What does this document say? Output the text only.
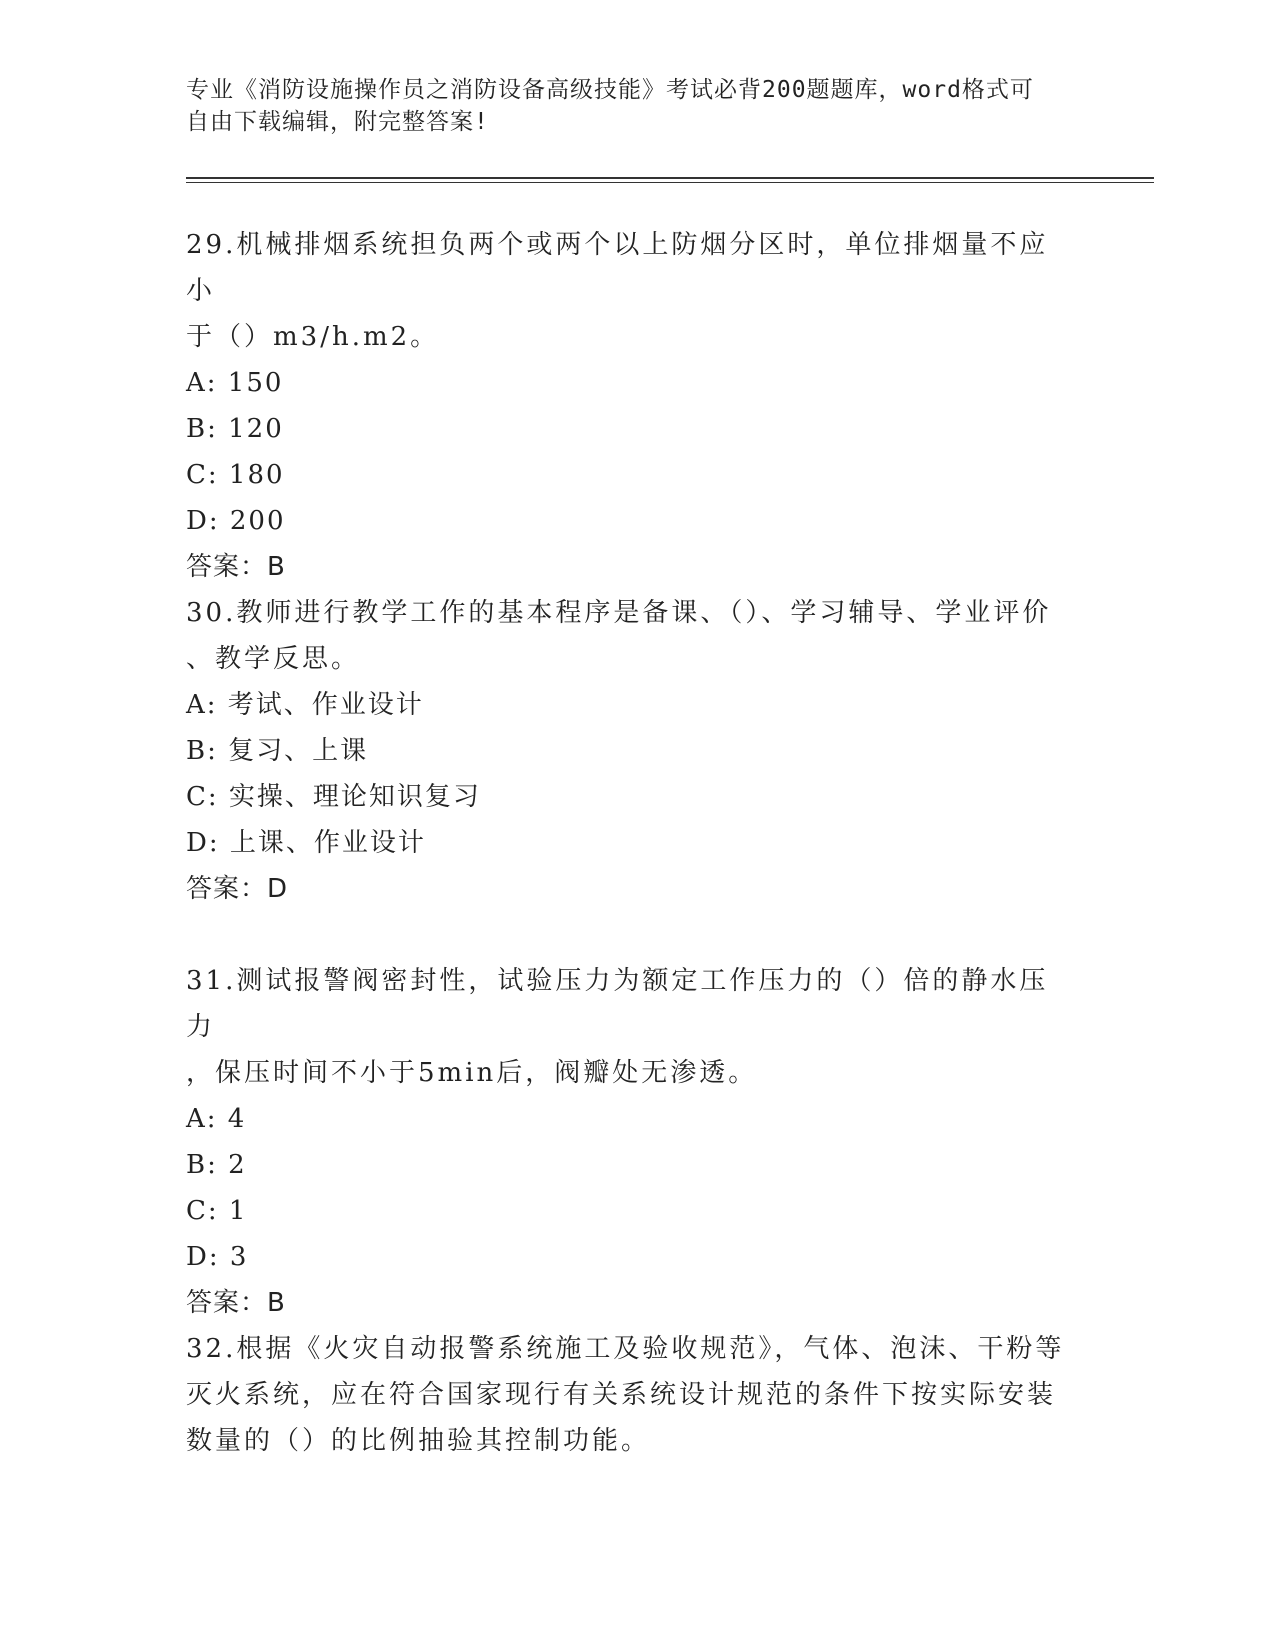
专业《消防设施操作员之消防设备高级技能》考试必背200题题库，word格式可
自由下载编辑，附完整答案!

29.机械排烟系统担负两个或两个以上防烟分区时，单位排烟量不应小

于（）m3/h.m2。

A: 150

B: 120

C: 180

D: 200

答案：B

30.教师进行教学工作的基本程序是备课、（）、学习辅导、学业评价

、教学反思。

A: 考试、作业设计

B: 复习、上课

C: 实操、理论知识复习

D: 上课、作业设计

答案：D

31.测试报警阀密封性，试验压力为额定工作压力的（）倍的静水压力

，保压时间不小于5min后，阀瓣处无渗透。

A: 4

B: 2

C: 1

D: 3

答案：B

32.根据《火灾自动报警系统施工及验收规范》，气体、泡沫、干粉等

灭火系统，应在符合国家现行有关系统设计规范的条件下按实际安装

数量的（）的比例抽验其控制功能。
